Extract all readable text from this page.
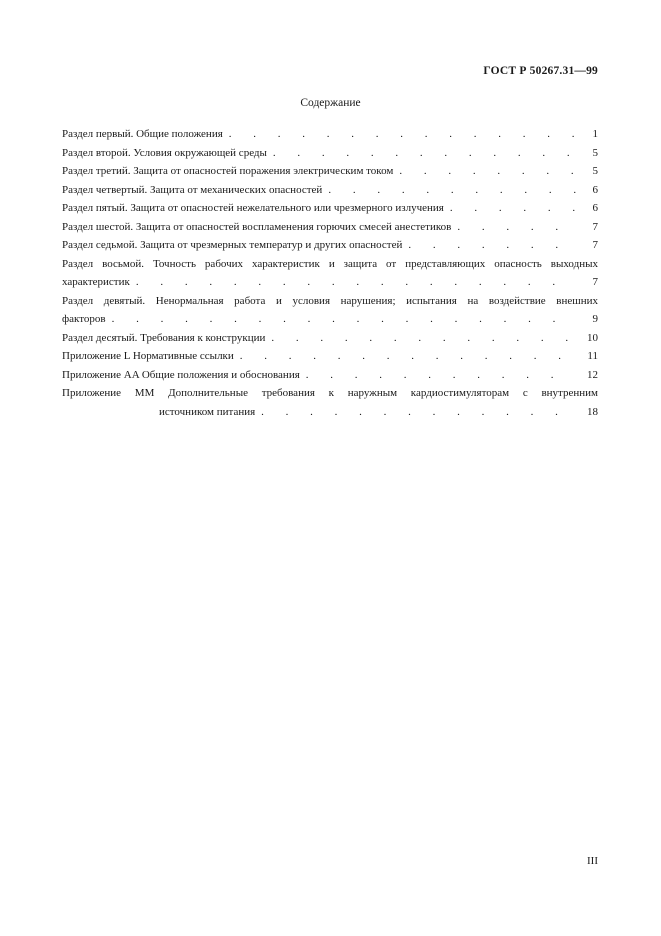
ГОСТ Р 50267.31—99
Содержание
Раздел первый. Общие положения . . .	1
Раздел второй. Условия окружающей среды . . .	5
Раздел третий. Защита от опасностей поражения электрическим током . . .	5
Раздел четвертый. Защита от механических опасностей . . .	6
Раздел пятый. Защита от опасностей нежелательного или чрезмерного излучения . . .	6
Раздел шестой. Защита от опасностей воспламенения горючих смесей анестетиков . . .	7
Раздел седьмой. Защита от чрезмерных температур и других опасностей . . .	7
Раздел восьмой. Точность рабочих характеристик и защита от представляющих опасность выходных
характеристик . . .	7
Раздел девятый. Ненормальная работа и условия нарушения; испытания на воздействие внешних
факторов . . .	9
Раздел десятый. Требования к конструкции . . .	10
Приложение L Нормативные ссылки . . .	11
Приложение AA Общие положения и обоснования . . .	12
Приложение ММ Дополнительные требования к наружным кардиостимуляторам с внутренним
источником питания . . .	18
III
